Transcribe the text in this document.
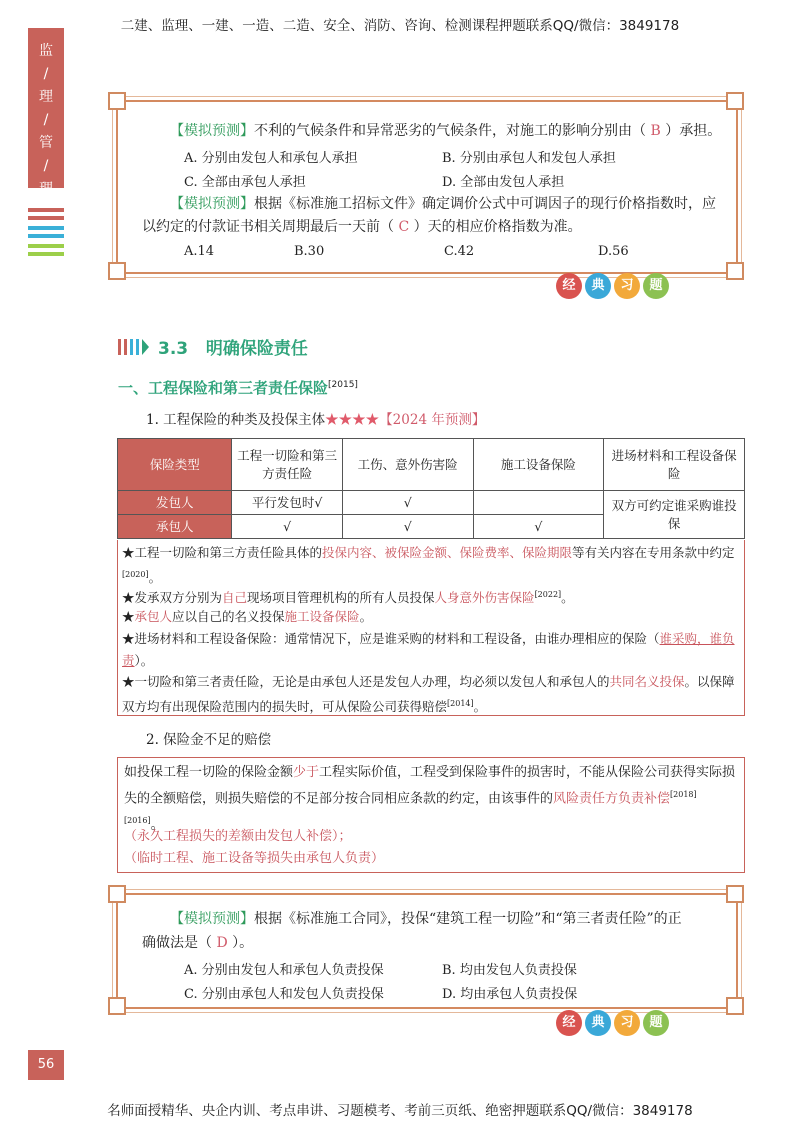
二建、监理、一建、一造、二造、安全、消防、咨询、检测课程押题联系QQ/微信：3849178
名师面授精华、央企内训、考点串讲、习题模考、考前三页纸、绝密押题联系QQ/微信：3849178
监
/
理
/
管
/
理
【模拟预测】不利的气候条件和异常恶劣的气候条件，对施工的影响分别由（ B ）承担。
A. 分别由发包人和承包人承担	B. 分别由承包人和发包人承担
C. 全部由承包人承担	D. 全部由发包人承担
【模拟预测】根据《标准施工招标文件》确定调价公式中可调因子的现行价格指数时，应
以约定的付款证书相关周期最后一天前（ C ）天的相应价格指数为准。
A.14	B.30	C.42	D.56
经	典	习	题
3.3 明确保险责任
一、工程保险和第三者责任保险[2015]
1. 工程保险的种类及投保主体★★★★【2024 年预测】
保险类型	工程一切险和第三方责任险	工伤、意外伤害险	施工设备保险	进场材料和工程设备保险
发包人	平行发包时√	√		双方可约定谁采购谁投保
承包人	√	√	√	
★工程一切险和第三方责任险具体的投保内容、被保险金额、保险费率、保险期限等有关内容在专用条款中约定[2020]。
★发承双方分别为自己现场项目管理机构的所有人员投保人身意外伤害保险[2022]。
★承包人应以自己的名义投保施工设备保险。
★进场材料和工程设备保险：通常情况下，应是谁采购的材料和工程设备，由谁办理相应的保险（谁采购，谁负责）。
★一切险和第三者责任险，无论是由承包人还是发包人办理，均必须以发包人和承包人的共同名义投保。以保障双方均有出现保险范围内的损失时，可从保险公司获得赔偿[2014]。
2. 保险金不足的赔偿
如投保工程一切险的保险金额少于工程实际价值，工程受到保险事件的损害时，不能从保险公司获得实际损失的全额赔偿，则损失赔偿的不足部分按合同相应条款的约定，由该事件的风险责任方负责补偿[2018][2016]。
（永久工程损失的差额由发包人补偿）；
（临时工程、施工设备等损失由承包人负责）
【模拟预测】根据《标准施工合同》，投保“建筑工程一切险”和“第三者责任险”的正
确做法是（ D ）。
A. 分别由发包人和承包人负责投保	B. 均由发包人负责投保
C. 分别由承包人和发包人负责投保	D. 均由承包人负责投保
经	典	习	题
56
